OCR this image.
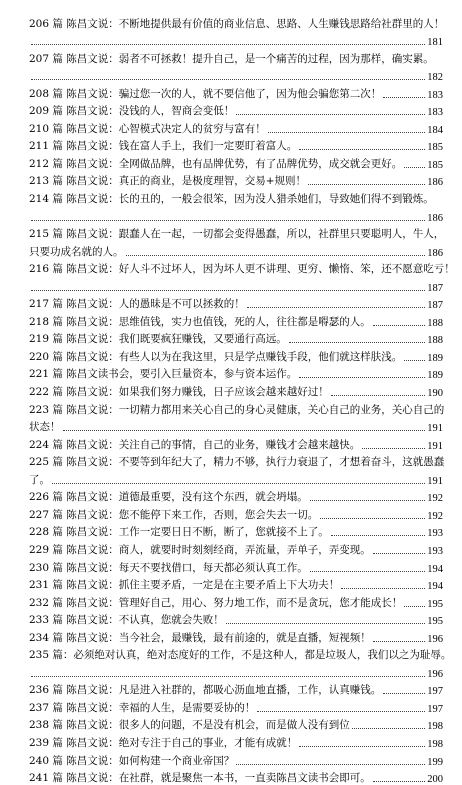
206 篇 陈昌文说：不断地提供最有价值的商业信息、思路、人生赚钱思路给社群里的人！
181
207 篇 陈昌文说：弱者不可拯救！提升自己，是一个痛苦的过程，因为那样，确实累。
182
208 篇 陈昌文说：骗过您一次的人，就不要信他了，因为他会骗您第二次！	183
209 篇 陈昌文说：没钱的人，智商会变低！	183
210 篇 陈昌文说：心智模式决定人的贫穷与富有！	184
211 篇 陈昌文说：钱在富人手上，我们一定要盯着富人。	185
212 篇 陈昌文说：全网做品牌，也有品牌优势，有了品牌优势，成交就会更好。 185
213 篇 陈昌文说：真正的商业，是极度理智，交易+规则！	186
214 篇 陈昌文说：长的丑的，一般会很笨，因为没人猎杀她们，导致她们得不到锻炼。
186
215 篇 陈昌文说：跟蠢人在一起，一切都会变得愚蠢，所以，社群里只要聪明人，牛人，
只要功成名就的人。	186
216 篇 陈昌文说：好人斗不过坏人，因为坏人更不讲理、更穷、懒惰、笨，还不愿意吃亏！
187
217 篇 陈昌文说：人的愚昧是不可以拯救的！	187
218 篇 陈昌文说：思维值钱，实力也值钱，死的人，往往都是嘚瑟的人。	188
219 篇 陈昌文说：我们既要疯狂赚钱，又要通行高远。	188
220 篇 陈昌文说：有些人以为在我这里，只是学点赚钱手段，他们就这样肤浅。 189
221 篇 陈昌文读书会，要引入巨量资本，参与资本运作。	189
222 篇 陈昌文说：如果我们努力赚钱，日子应该会越来越好过！	190
223 篇 陈昌文说：一切精力都用来关心自己的身心灵健康，关心自己的业务，关心自己的
状态！	191
224 篇 陈昌文说：关注自己的事情，自己的业务，赚钱才会越来越快。	191
225 篇 陈昌文说：不要等到年纪大了，精力不够，执行力衰退了，才想着奋斗，这就愚蠢
了。	191
226 篇 陈昌文说：道德最重要，没有这个东西，就会坍塌。	192
227 篇 陈昌文说：您不能停下来工作，否则，您会失去一切。	192
228 篇 陈昌文说：工作一定要日日不断，断了，您就接不上了。	193
229 篇 陈昌文说：商人，就要时时刻刻经商，弄流量，弄单子，弄变现。	193
230 篇 陈昌文说：每天不要找借口，每天都必须认真工作。	194
231 篇 陈昌文说：抓住主要矛盾，一定是在主要矛盾上下大功夫！	194
232 篇 陈昌文说：管理好自己，用心、努力地工作，而不是贪玩，您才能成长！ 195
233 篇 陈昌文说：不认真，您就会失败！	195
234 篇 陈昌文说：当今社会，最赚钱，最有前途的，就是直播，短视频！	196
235 篇：必须绝对认真，绝对态度好的工作，不是这种人，都是垃圾人，我们以之为耻辱。
196
236 篇 陈昌文说：凡是进入社群的，都吸心沥血地直播，工作，认真赚钱。	197
237 篇 陈昌文说：幸福的人生，是需要妥协的！	197
238 篇 陈昌文说：很多人的问题，不是没有机会，而是做人没有到位	198
239 篇 陈昌文说：绝对专注于自己的事业，才能有成就！	198
240 篇 陈昌文说：如何构建一个商业帝国？	199
241 篇 陈昌文说：在社群，就是聚焦一本书，一直卖陈昌文读书会即可。	200
